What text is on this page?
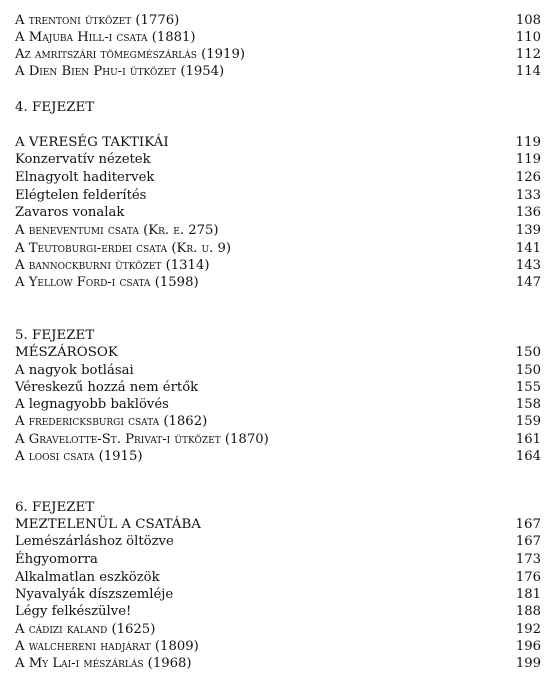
A trentoni ütközet (1776)	108
A Majuba Hill-i csata (1881)	110
Az amritszári tömegmészárlás (1919)	112
A Dien Bien Phu-i ütközet (1954)	114
4. FEJEZET
A VERESÉG TAKTIKÁI	119
Konzervatív nézetek	119
Elnagyolt haditervek	126
Elégtelen felderítés	133
Zavaros vonalak	136
A beneventumi csata (Kr. e. 275)	139
A Teutoburgi-erdei csata (Kr. u. 9)	141
A bannockburni ütközet (1314)	143
A Yellow Ford-i csata (1598)	147
5. FEJEZET
MÉSZÁROSOK	150
A nagyok botlásai	150
Véreskezű hozzá nem értők	155
A legnagyobb baklövés	158
A fredericksburgi csata (1862)	159
A Gravelotte-St. Privat-i ütközet (1870)	161
A loosi csata (1915)	164
6. FEJEZET
MEZTELENÜL A CSATÁBA	167
Lemészárláshoz öltözve	167
Éhgyomorra	173
Alkalmatlan eszközök	176
Nyavalyák díszszemléje	181
Légy felkészülve!	188
A cádizi kaland (1625)	192
A walchereni hadjárat (1809)	196
A My Lai-i mészárlás (1968)	199
